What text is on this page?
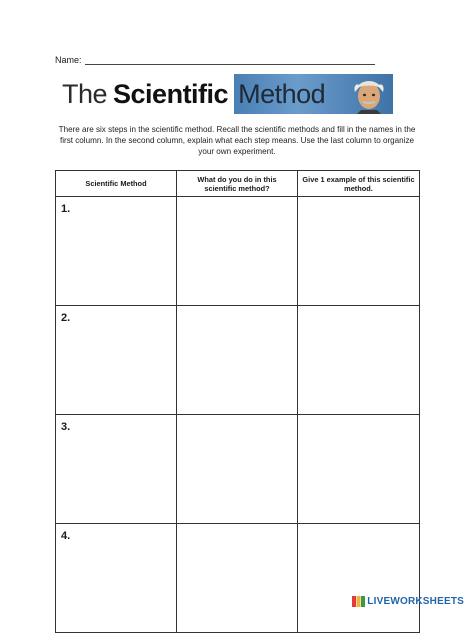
Name:
The Scientific Method
There are six steps in the scientific method. Recall the scientific methods and fill in the names in the first column. In the second column, explain what each step means. Use the last column to organize your own experiment.
Scientific Method	What do you do in this scientific method?	Give 1 example of this scientific method.
1.		
2.		
3.		
4.		
LIVEWORKSHEETS
